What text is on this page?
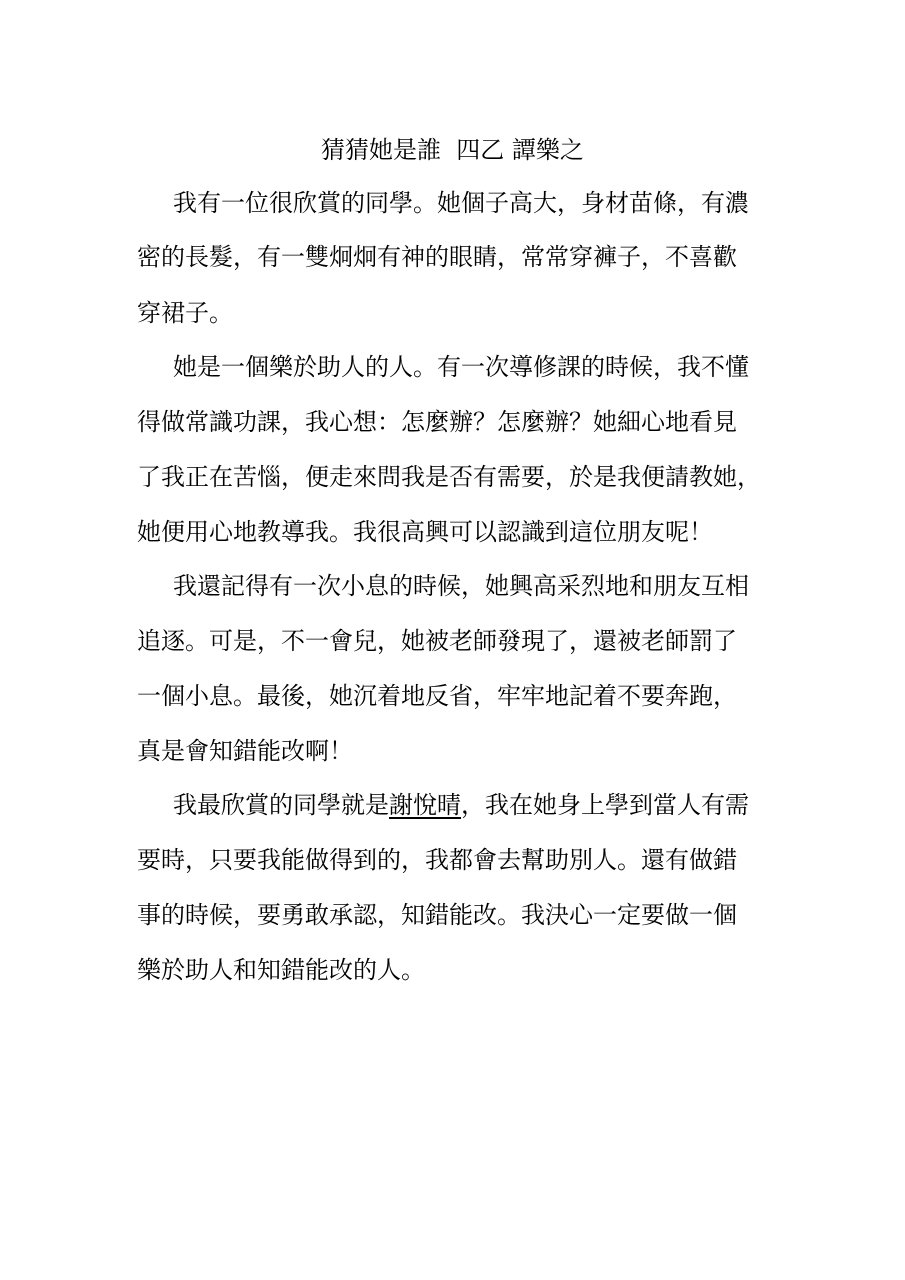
猜猜她是誰  四乙 譚樂之
我有一位很欣賞的同學。她個子高大，身材苗條，有濃
密的長髮，有一雙炯炯有神的眼睛，常常穿褲子，不喜歡
穿裙子。
她是一個樂於助人的人。有一次導修課的時候，我不懂
得做常識功課，我心想：怎麼辦？怎麼辦？她細心地看見
了我正在苦惱，便走來問我是否有需要，於是我便請教她，
她便用心地教導我。我很高興可以認識到這位朋友呢！
我還記得有一次小息的時候，她興高采烈地和朋友互相
追逐。可是，不一會兒，她被老師發現了，還被老師罰了
一個小息。最後，她沉着地反省，牢牢地記着不要奔跑，
真是會知錯能改啊！
我最欣賞的同學就是謝悅晴，我在她身上學到當人有需
要時，只要我能做得到的，我都會去幫助別人。還有做錯
事的時候，要勇敢承認，知錯能改。我決心一定要做一個
樂於助人和知錯能改的人。
